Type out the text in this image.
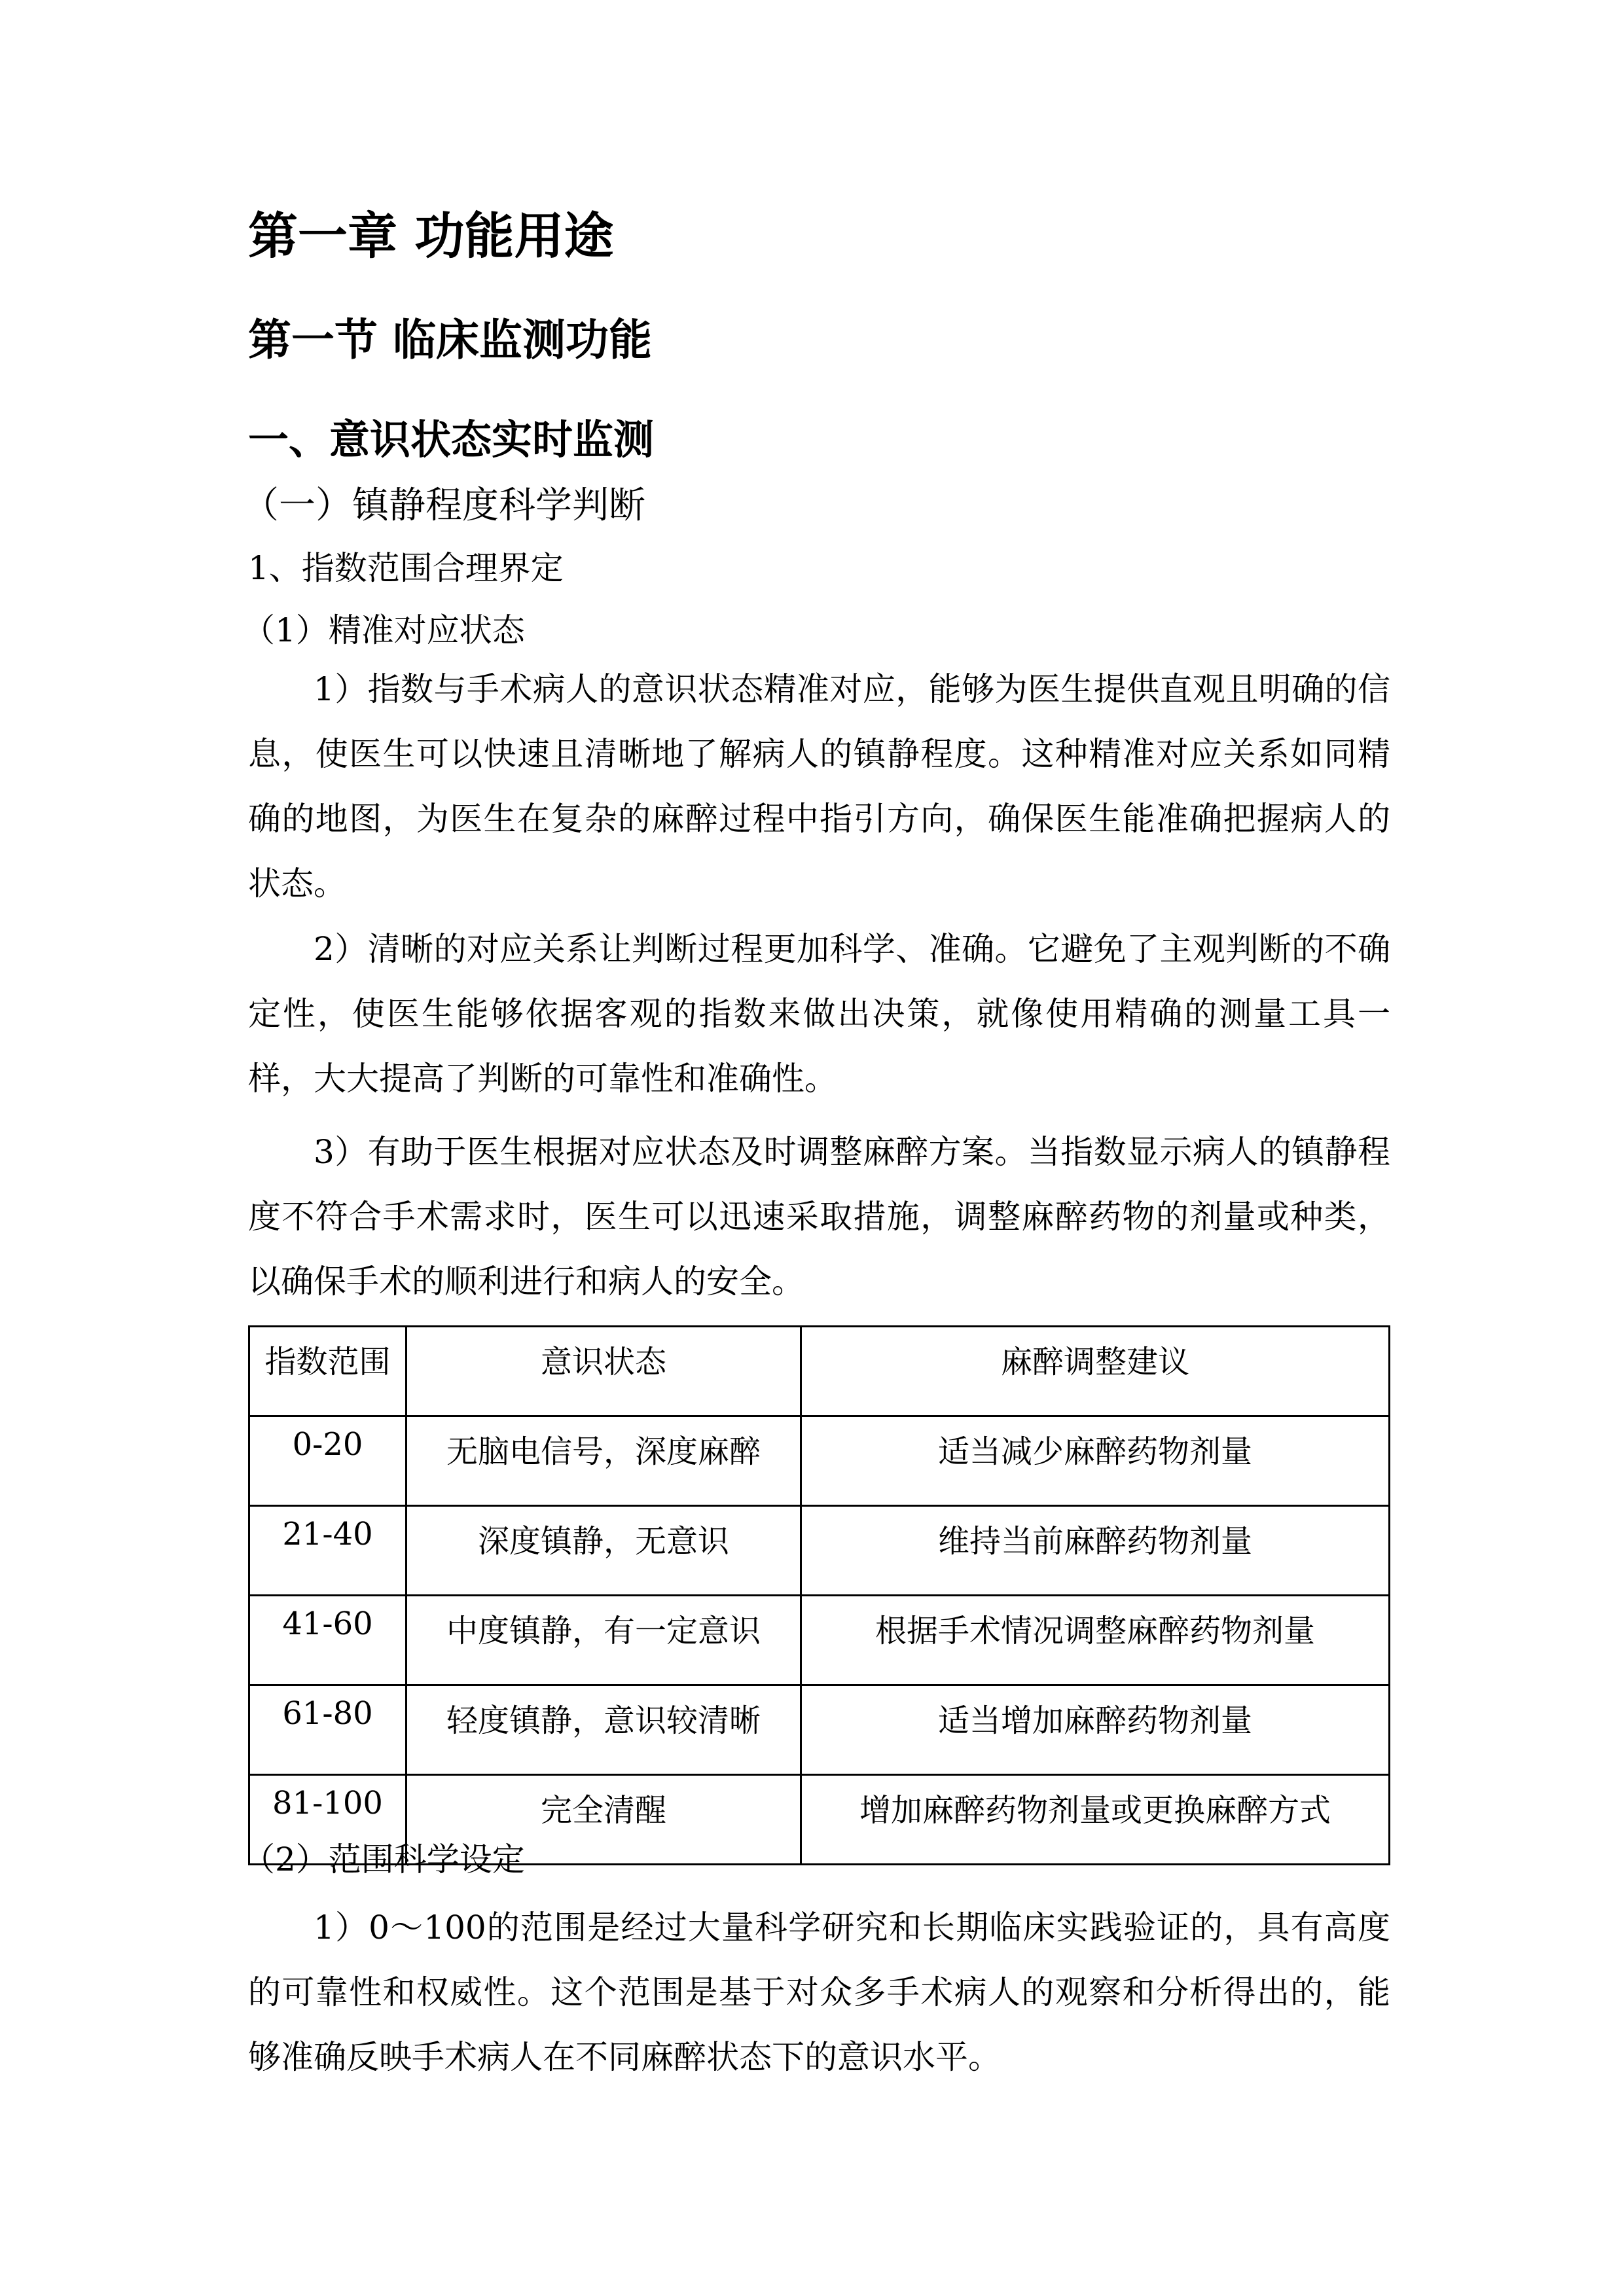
第一章 功能用途
第一节 临床监测功能
一、意识状态实时监测
（一）镇静程度科学判断
1、指数范围合理界定
（1）精准对应状态
1）指数与手术病人的意识状态精准对应，能够为医生提供直观且明确的信息，使医生可以快速且清晰地了解病人的镇静程度。这种精准对应关系如同精确的地图，为医生在复杂的麻醉过程中指引方向，确保医生能准确把握病人的状态。
2）清晰的对应关系让判断过程更加科学、准确。它避免了主观判断的不确定性，使医生能够依据客观的指数来做出决策，就像使用精确的测量工具一样，大大提高了判断的可靠性和准确性。
3）有助于医生根据对应状态及时调整麻醉方案。当指数显示病人的镇静程度不符合手术需求时，医生可以迅速采取措施，调整麻醉药物的剂量或种类，以确保手术的顺利进行和病人的安全。
指数范围	意识状态	麻醉调整建议
0-20	无脑电信号，深度麻醉	适当减少麻醉药物剂量
21-40	深度镇静，无意识	维持当前麻醉药物剂量
41-60	中度镇静，有一定意识	根据手术情况调整麻醉药物剂量
61-80	轻度镇静，意识较清晰	适当增加麻醉药物剂量
81-100	完全清醒	增加麻醉药物剂量或更换麻醉方式
（2）范围科学设定
1）0～100的范围是经过大量科学研究和长期临床实践验证的，具有高度的可靠性和权威性。这个范围是基于对众多手术病人的观察和分析得出的，能够准确反映手术病人在不同麻醉状态下的意识水平。
